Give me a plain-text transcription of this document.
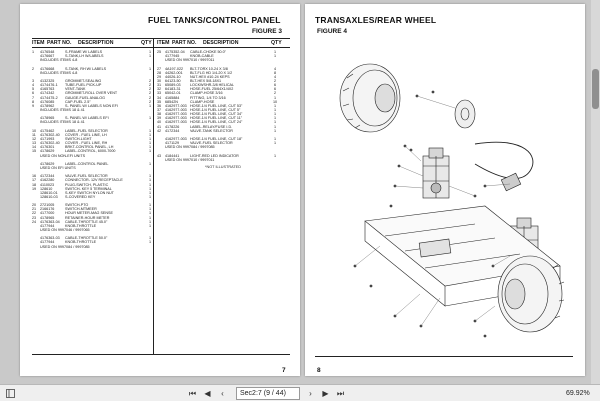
FUEL TANKS/CONTROL PANEL
FIGURE 3
ITEM PART NO. DESCRIPTION	QTY ITEM PART NO. DESCRIPTION	QTY
1	4176548	S-FRAME W/ LABELS	1
4176667	S-TANK,LH W/LABELS	1
INCLUDES ITEMS 4-8
2	4176668	S-TANK, RH W/ LABELS	1
INCLUDES ITEMS 4-8
3	4132325	GROMMET-SEALING	2
4	4174476-1	TUBE-FUEL PICK-UP	2
5	4165763	VENT-TANK	2
6	4174342	GROMMET-ROLL OVER VENT	2
7	4174475-2	GAUGE-FUEL ANALOG	2
8	4176085	CAP-FUEL 2.5"	2
9	4178962	S- PANEL W/ LABELS NON EFI	1
INCLUDES ITEMS 18 & 41
4178965	S- PANEL W/ LABELS EFI	1
INCLUDES ITEMS 18 & 41
10	4175462	LABEL-FUEL SELECTOR	1
11	4176302-40	COVER - FUEL LINE, LH	1
12	4171993	SWITCH-LIGHT	1
13	4176302-40	COVER - FUEL LINE, RH	1
14	4176301	BRKT-CONTROL PANEL, LH	1
15	4178629	LABEL-CONTROL, 6000-7000	1
USED ON NON-EFI UNITS
4178629	LABEL-CONTROL PANEL	1
USED ON EFI UNITS
16	4172344	VALVE-FUEL SELECTOR	1
17	4162280	CONNECTOR- 12V RECEPTACLE	1
18	4110023	PLUG-SWITCH, PLASTIC	1
19	128610	SWITCH- KEY 5 TERMINAL	1
128610-01	S-KEY SWITCH NYLON NUT	1
128610-03	S-COVERED KEY	1
20	2721005	SWITCH-PTO	1
21	2166176	SWITCH-MTMEER	1
22	4177000	HOUR METER-MAG SENSE	1
23	4178965	RETAINER-HOUR METER	1
24	4176363-04	CABLE-THROTTLE 45.0"	1
4177944	KNOB-THROTTLE	1
USED ON 9997046 / 9997065
4176363-03	CABLE-THROTTLE 50.0"	1
4177944	KNOB-THROTTLE	1
USED ON 9997084 / 9997085
25	4175352-04	CABLE-CHOKE 50.0"	1
4177945	KNOB-CABLE	1
USED ON 9997010 / 9997011
27	4A197-022	BLT-TORX 10-24 X 3/8	4
28	44262-001	BLT-FLG HD 1/4-20 X 1/2	8
29	44026-10	NUT-HEX #10-24 KEPS	4
30	64123-50	BLT-HEX 5/8-18X1	2
31	65089-03	LOCKWSHR-3/8 HELICAL	6
32	64183-31	HOSE-FUEL 25/64X1/4X2	6
33	65042-01	CLAMP-HOSE 3/16	2
34	4165884	FITTING, 1/4 TO 3/16	1
35	68542N	CLAMP-HOSE	10
36	4162977-003 HOSE-1/4 FUEL LINE, CUT 53"	1
37	4162977-003 HOSE-1/4 FUEL LINE, CUT 5"	1
38	4162977-003 HOSE-1/4 FUEL LINE, CUT 34"	1
39	4162977-003 HOSE-1/4 FUEL LINE, CUT 11"	1
40	4162977-003 HOSE-1/4 FUEL LINE, CUT 24"	1
41	4178226	LABEL-RELAY/FUSE I.D.	1
42	4172344	VALVE-TANK SELECTOR	1
4162977-003 HOSE-1/4 FUEL LINE, CUT 18"	1
4171129	VALVE-FUEL SELECTOR	1
USED ON 9997084 / 9997085
43	4184441	LIGHT-RED LED INDICATOR	1
USED ON 9997010 / 9997011
*NOT ILLUSTRATED
7
TRANSAXLES/REAR WHEEL
FIGURE 4
8
⏮	◀	‹	Sec2:7 (9 / 44)	›	▶	⏭	69.92%
